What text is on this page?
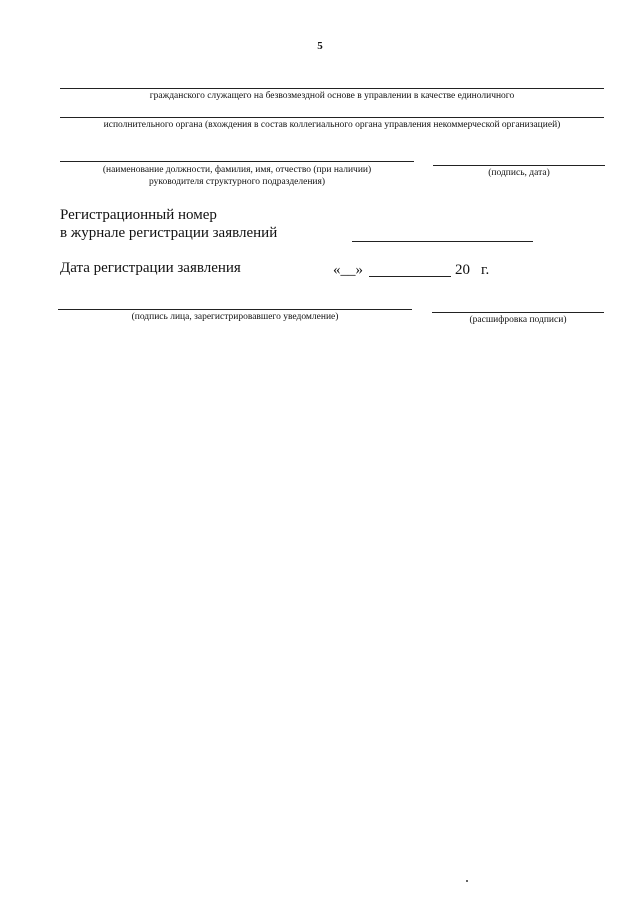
5
гражданского служащего на безвозмездной основе в управлении в качестве единоличного
исполнительного органа (вхождения в состав коллегиального органа управления некоммерческой организацией)
(наименование должности, фамилия, имя, отчество (при наличии)
руководителя структурного подразделения)
(подпись, дата)
Регистрационный номер
в журнале регистрации заявлений
Дата регистрации заявления	«__»	20 г.
(подпись лица, зарегистрировавшего уведомление)	(расшифровка подписи)
